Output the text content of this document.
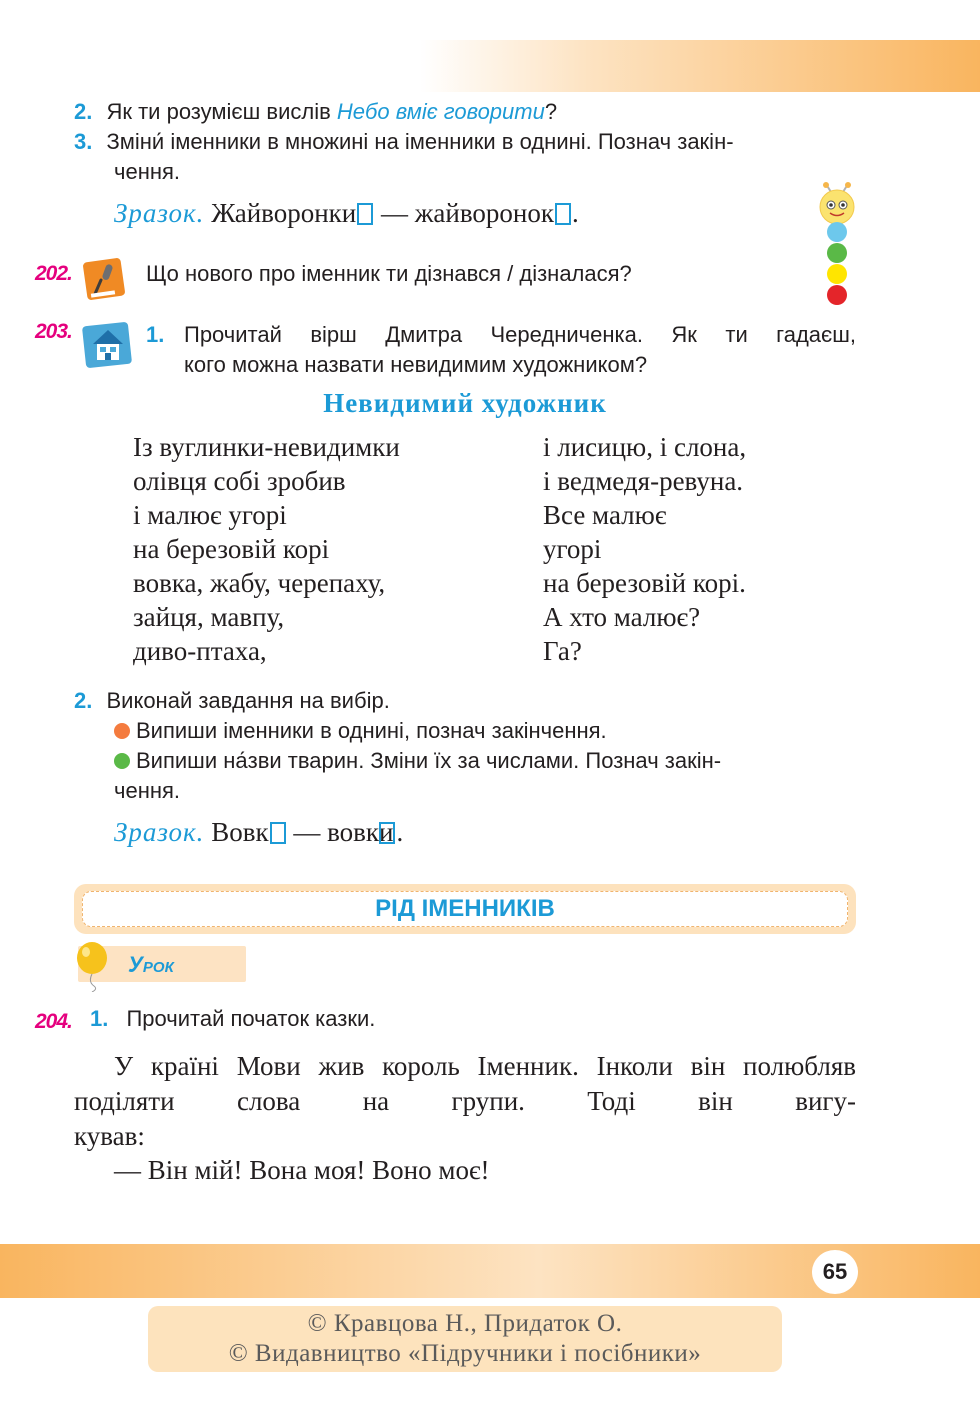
2. Як ти розумієш вислів Небо вміє говорити?
3. Зміни́ іменники в множині на іменники в однині. Познач закін-
чення.
Зразок. Жайворонки — жайворонок .
202.	Що нового про іменник ти дізнався / дізналася?
203.	1. Прочитай вірш Дмитра Чередниченка. Як ти гадаєш,
кого можна назвати невидимим художником?
Невидимий художник
Із вуглинки-невидимки
олівця собі зробив
і малює угорі
на березовій корі
вовка, жабу, черепаху,
зайця, мавпу,
диво-птаха,
і лисицю, і слона,
і ведмедя-ревуна.
Все малює
угорі
на березовій корі.
А хто малює?
Га?
2. Виконай завдання на вибір.
Випиши іменники в однині, познач закінчення.
Випиши на́зви тварин. Зміни їх за числами. Познач закін-
чення.
Зразок. Вовк — вовки .
РІД ІМЕННИКІВ
Урок
204. 1. Прочитай початок казки.
У країні Мови жив король Іменник. Інколи він полюбляв поділяти слова на групи. Тоді він вигу-
кував:
— Він мій! Вона моя! Воно моє!
65
© Кравцова Н., Придаток О.
© Видавництво «Підручники і посібники»
